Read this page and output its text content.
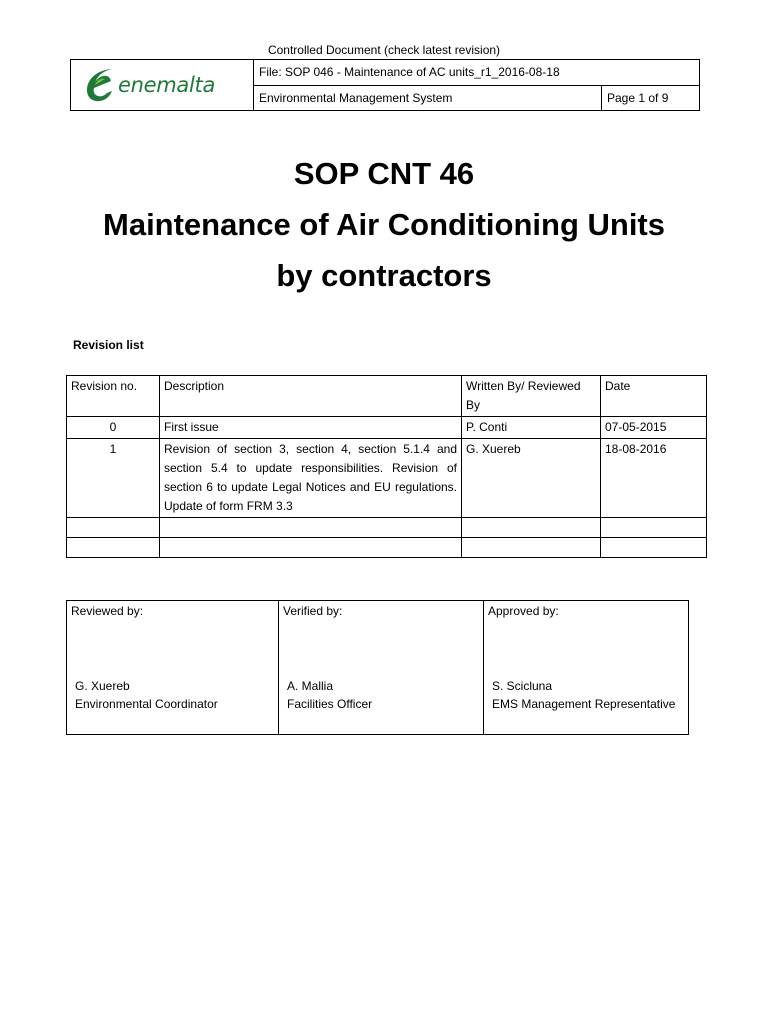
Controlled Document (check latest revision)
enemalta	File: SOP 046 - Maintenance of AC units_r1_2016-08-18	
	Environmental Management System	Page 1 of 9
SOP CNT 46
Maintenance of Air Conditioning Units
by contractors
Revision list
Revision no.	Description	Written By/ Reviewed By	Date
0	First issue	P. Conti	07-05-2015
1	Revision of section 3, section 4, section 5.1.4 and section 5.4 to update responsibilities. Revision of section 6 to update Legal Notices and EU regulations. Update of form FRM 3.3	G. Xuereb	18-08-2016

Reviewed by:
G. Xuereb
Environmental Coordinator

Verified by:
A. Mallia
Facilities Officer

Approved by:
S. Scicluna
EMS Management Representative
